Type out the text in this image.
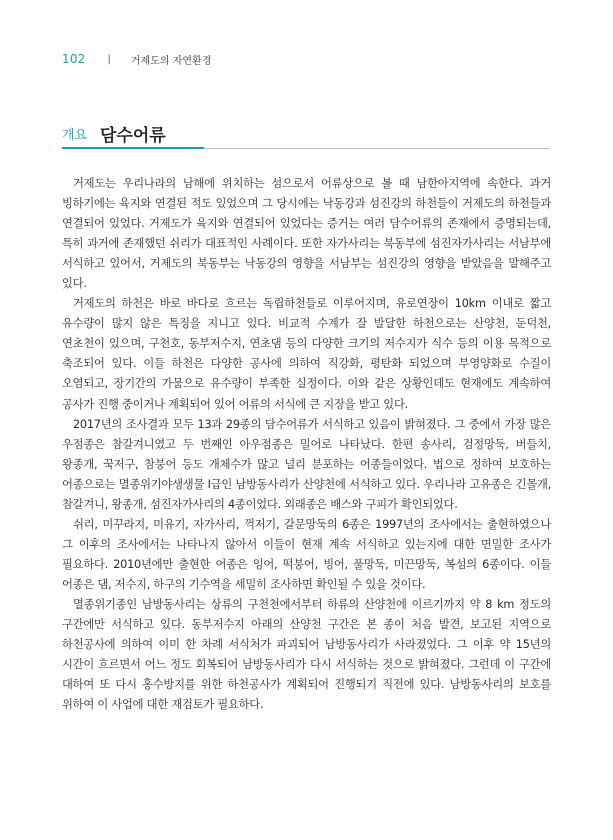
102 | 거제도의 자연환경
개요 담수어류

거제도는 우리나라의 남해에 위치하는 섬으로서 어류상으로 볼 때 남한아지역에 속한다. 과거 빙하기에는 육지와 연결된 적도 있었으며 그 당시에는 낙동강과 섬진강의 하천들이 거제도의 하천들과 연결되어 있었다. 거제도가 육지와 연결되어 있었다는 증거는 여러 담수어류의 존재에서 증명되는데, 특히 과거에 존재했던 쉬리가 대표적인 사례이다. 또한 자가사리는 북동부에 섬진자가사리는 서남부에 서식하고 있어서, 거제도의 북동부는 낙동강의 영향을 서남부는 섬진강의 영향을 받았음을 말해주고 있다.

거제도의 하천은 바로 바다로 흐르는 독립하천들로 이루어지며, 유로연장이 10km 이내로 짧고 유수량이 많지 않은 특징을 지니고 있다. 비교적 수계가 잘 발달한 하천으로는 산양천, 둔덕천, 연초천이 있으며, 구천호, 동부저수지, 연초댐 등의 다양한 크기의 저수지가 식수 등의 이용 목적으로 축조되어 있다. 이들 하천은 다양한 공사에 의하여 직강화, 평탄화 되었으며 부영양화로 수질이 오염되고, 장기간의 가뭄으로 유수량이 부족한 실정이다. 이와 같은 상황인데도 현재에도 계속하여 공사가 진행 중이거나 계획되어 있어 어류의 서식에 큰 지장을 받고 있다.

2017년의 조사결과 모두 13과 29종의 담수어류가 서식하고 있음이 밝혀졌다. 그 중에서 가장 많은 우점종은 참갈겨니였고 두 번째인 아우점종은 밀어로 나타났다. 한편 송사리, 검정망둑, 버들치, 왕종개, 꾹저구, 참붕어 등도 개체수가 많고 널리 분포하는 어종들이었다. 법으로 정하여 보호하는 어종으로는 멸종위기야생생물 I급인 남방동사리가 산양천에 서식하고 있다. 우리나라 고유종은 긴몰개, 참갈겨니, 왕종개, 섬진자가사리의 4종이었다. 외래종은 배스와 구피가 확인되었다.

쉬리, 미꾸라지, 미유기, 자가사리, 꺽저기, 갈문망둑의 6종은 1997년의 조사에서는 출현하였으나 그 이후의 조사에서는 나타나지 않아서 이들이 현재 계속 서식하고 있는지에 대한 면밀한 조사가 필요하다. 2010년에만 출현한 어종은 잉어, 떡붕어, 빙어, 풀망둑, 미끈망둑, 복섬의 6종이다. 이들 어종은 댐, 저수지, 하구의 기수역을 세밀히 조사하면 확인될 수 있을 것이다.

멸종위기종인 남방동사리는 상류의 구천천에서부터 하류의 산양천에 이르기까지 약 8 km 정도의 구간에만 서식하고 있다. 동부저수지 아래의 산양천 구간은 본 종이 처음 발견, 보고된 지역으로 하천공사에 의하여 이미 한 차례 서식처가 파괴되어 남방동사리가 사라졌었다. 그 이후 약 15년의 시간이 흐르면서 어느 정도 회복되어 남방동사리가 다시 서식하는 것으로 밝혀졌다. 그런데 이 구간에 대하여 또 다시 홍수방지를 위한 하천공사가 계획되어 진행되기 직전에 있다. 남방동사리의 보호를 위하여 이 사업에 대한 재검토가 필요하다.
